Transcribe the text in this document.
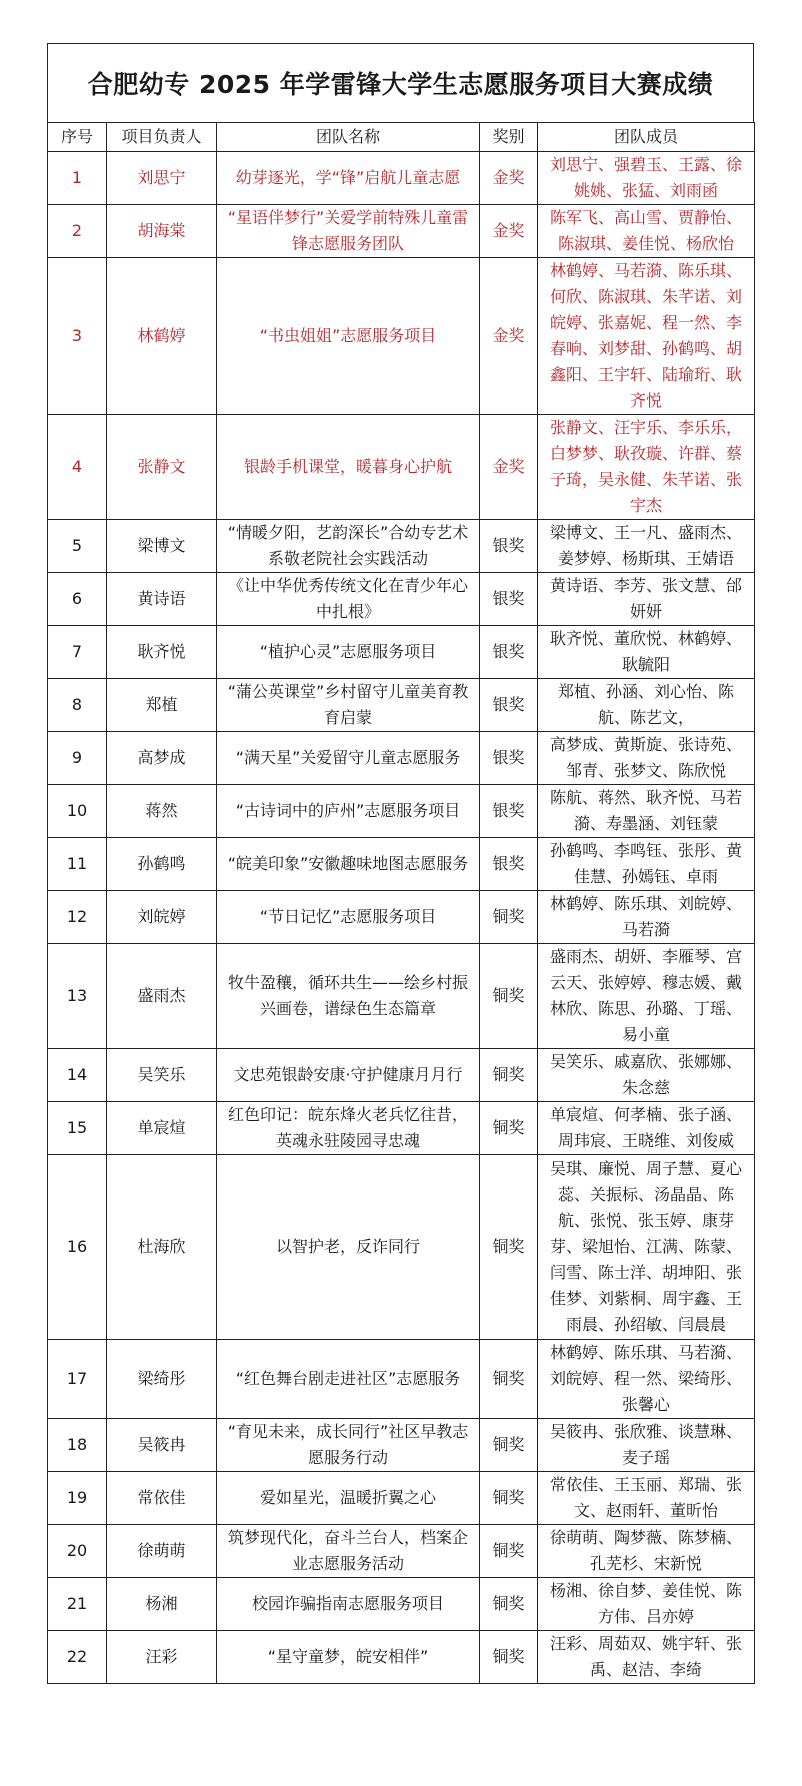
合肥幼专 2025 年学雷锋大学生志愿服务项目大赛成绩
序号	项目负责人	团队名称	奖别	团队成员
1	刘思宁	幼芽逐光，学“锋”启航儿童志愿	金奖	刘思宁、强碧玉、王露、徐姚姚、张猛、刘雨函
2	胡海棠	“星语伴梦行”关爱学前特殊儿童雷锋志愿服务团队	金奖	陈军飞、高山雪、贾静怡、陈淑琪、姜佳悦、杨欣怡
3	林鹤婷	“书虫姐姐”志愿服务项目	金奖	林鹤婷、马若漪、陈乐琪、何欣、陈淑琪、朱芊诺、刘皖婷、张嘉妮、程一然、李春响、刘梦甜、孙鹤鸣、胡鑫阳、王宇轩、陆瑜珩、耿齐悦
4	张静文	银龄手机课堂，暖暮身心护航	金奖	张静文、汪宇乐、李乐乐，白梦梦、耿孜璇、许群、蔡子琦，吴永健、朱芊诺、张宇杰
5	梁博文	“情暖夕阳，艺韵深长”合幼专艺术系敬老院社会实践活动	银奖	梁博文、王一凡、盛雨杰、姜梦婷、杨斯琪、王婧语
6	黄诗语	《让中华优秀传统文化在青少年心中扎根》	银奖	黄诗语、李芳、张文慧、邰妍妍
7	耿齐悦	“植护心灵”志愿服务项目	银奖	耿齐悦、董欣悦、林鹤婷、耿毓阳
8	郑植	“蒲公英课堂”乡村留守儿童美育教育启蒙	银奖	郑植、孙涵、刘心怡、陈航、陈艺文，
9	高梦成	“满天星”关爱留守儿童志愿服务	银奖	高梦成、黄斯旋、张诗苑、邹青、张梦文、陈欣悦
10	蒋然	“古诗词中的庐州”志愿服务项目	银奖	陈航、蒋然、耿齐悦、马若漪、寿墨涵、刘钰蒙
11	孙鹤鸣	“皖美印象”安徽趣味地图志愿服务	银奖	孙鹤鸣、李鸣钰、张彤、黄佳慧、孙嫣钰、卓雨
12	刘皖婷	“节日记忆”志愿服务项目	铜奖	林鹤婷、陈乐琪、刘皖婷、马若漪
13	盛雨杰	牧牛盈穰，循环共生——绘乡村振兴画卷，谱绿色生态篇章	铜奖	盛雨杰、胡妍、李雁琴、宫云天、张婷婷、穆志媛、戴林欣、陈思、孙璐、丁瑶、易小童
14	吴笑乐	文忠苑银龄安康·守护健康月月行	铜奖	吴笑乐、戚嘉欣、张娜娜、朱念慈
15	单宸煊	红色印记：皖东烽火老兵忆往昔，英魂永驻陵园寻忠魂	铜奖	单宸煊、何孝楠、张子涵、周玮宸、王晓维、刘俊威
16	杜海欣	以智护老，反诈同行	铜奖	吴琪、廉悦、周子慧、夏心蕊、关振标、汤晶晶、陈航、张悦、张玉婷、康芽芽、梁旭怡、江满、陈蒙、闫雪、陈士洋、胡坤阳、张佳梦、刘紫桐、周宇鑫、王雨晨、孙绍敏、闫晨晨
17	梁绮彤	“红色舞台剧走进社区”志愿服务	铜奖	林鹤婷、陈乐琪、马若漪、刘皖婷、程一然、梁绮彤、张馨心
18	吴筱冉	“育见未来，成长同行”社区早教志愿服务行动	铜奖	吴筱冉、张欣雅、谈慧琳、麦子瑶
19	常依佳	爱如星光，温暖折翼之心	铜奖	常依佳、王玉丽、郑瑞、张文、赵雨轩、董昕怡
20	徐萌萌	筑梦现代化，奋斗兰台人，档案企业志愿服务活动	铜奖	徐萌萌、陶梦薇、陈梦楠、孔芜杉、宋新悦
21	杨湘	校园诈骗指南志愿服务项目	铜奖	杨湘、徐自梦、姜佳悦、陈方伟、吕亦婷
22	汪彩	“星守童梦，皖安相伴”	铜奖	汪彩、周茹双、姚宇轩、张禹、赵洁、李绮
